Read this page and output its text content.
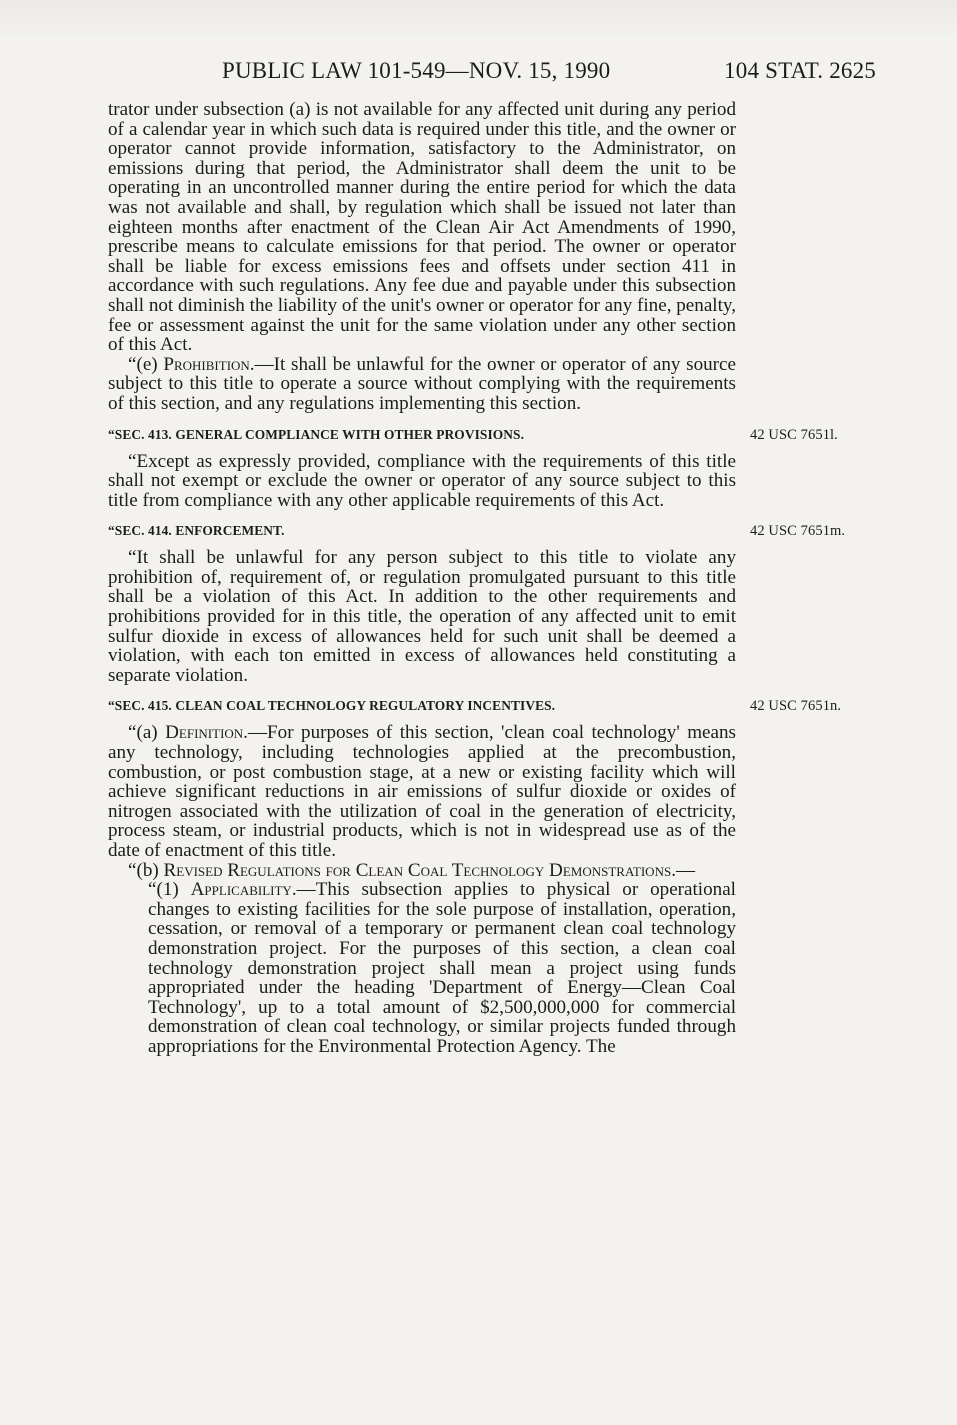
PUBLIC LAW 101-549—NOV. 15, 1990	104 STAT. 2625

trator under subsection (a) is not available for any affected unit during any period of a calendar year in which such data is required under this title, and the owner or operator cannot provide information, satisfactory to the Administrator, on emissions during that period, the Administrator shall deem the unit to be operating in an uncontrolled manner during the entire period for which the data was not available and shall, by regulation which shall be issued not later than eighteen months after enactment of the Clean Air Act Amendments of 1990, prescribe means to calculate emissions for that period. The owner or operator shall be liable for excess emissions fees and offsets under section 411 in accordance with such regulations. Any fee due and payable under this subsection shall not diminish the liability of the unit's owner or operator for any fine, penalty, fee or assessment against the unit for the same violation under any other section of this Act.

“(e) Prohibition.—It shall be unlawful for the owner or operator of any source subject to this title to operate a source without complying with the requirements of this section, and any regulations implementing this section.

“SEC. 413. GENERAL COMPLIANCE WITH OTHER PROVISIONS.	42 USC 7651l.

“Except as expressly provided, compliance with the requirements of this title shall not exempt or exclude the owner or operator of any source subject to this title from compliance with any other applicable requirements of this Act.

“SEC. 414. ENFORCEMENT.	42 USC 7651m.

“It shall be unlawful for any person subject to this title to violate any prohibition of, requirement of, or regulation promulgated pursuant to this title shall be a violation of this Act. In addition to the other requirements and prohibitions provided for in this title, the operation of any affected unit to emit sulfur dioxide in excess of allowances held for such unit shall be deemed a violation, with each ton emitted in excess of allowances held constituting a separate violation.

“SEC. 415. CLEAN COAL TECHNOLOGY REGULATORY INCENTIVES.	42 USC 7651n.

“(a) Definition.—For purposes of this section, 'clean coal technology' means any technology, including technologies applied at the precombustion, combustion, or post combustion stage, at a new or existing facility which will achieve significant reductions in air emissions of sulfur dioxide or oxides of nitrogen associated with the utilization of coal in the generation of electricity, process steam, or industrial products, which is not in widespread use as of the date of enactment of this title.

“(b) Revised Regulations for Clean Coal Technology Demonstrations.—

“(1) Applicability.—This subsection applies to physical or operational changes to existing facilities for the sole purpose of installation, operation, cessation, or removal of a temporary or permanent clean coal technology demonstration project. For the purposes of this section, a clean coal technology demonstration project shall mean a project using funds appropriated under the heading 'Department of Energy—Clean Coal Technology', up to a total amount of $2,500,000,000 for commercial demonstration of clean coal technology, or similar projects funded through appropriations for the Environmental Protection Agency. The
